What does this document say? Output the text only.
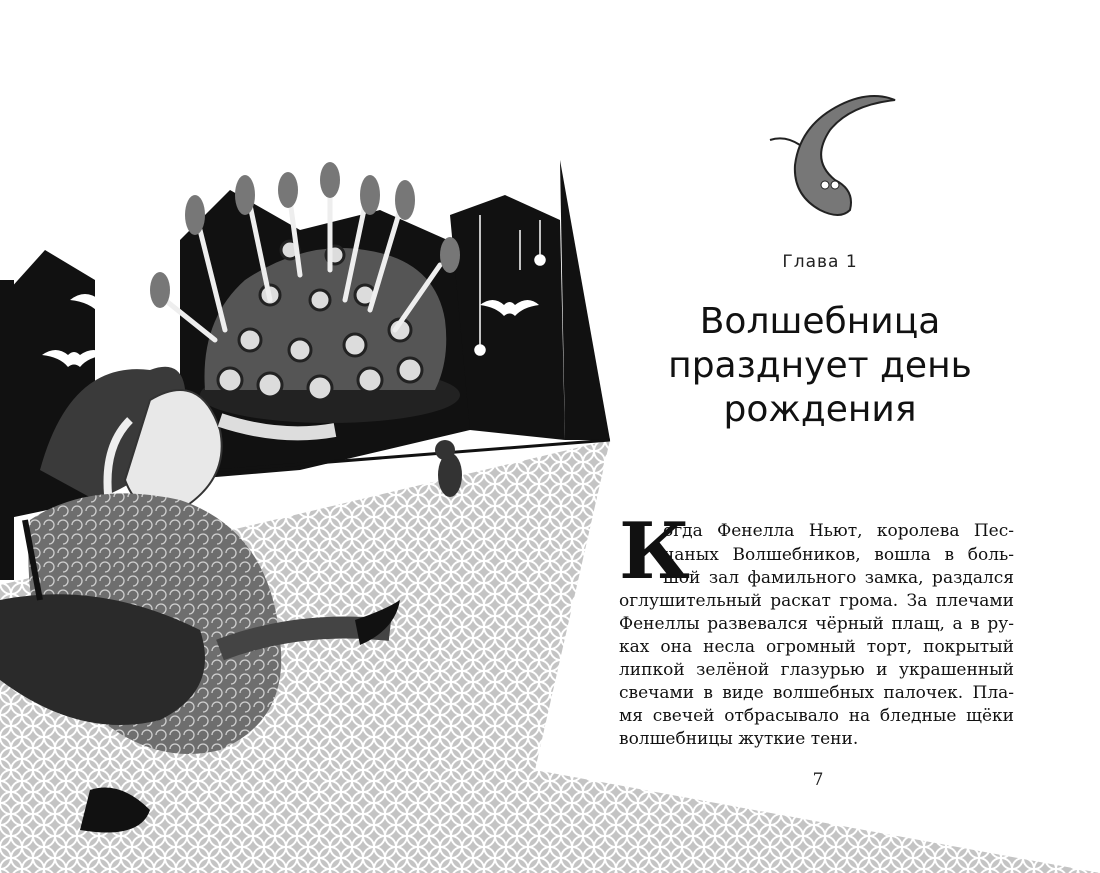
Глава 1
Волшебница
празднует день
рождения
К
огда Фенелла Ньют, королева Пес-
чаных Волшебников, вошла в боль-
шой зал фамильного замка, раздался
оглушительный раскат грома. За плечами
Фенеллы развевался чёрный плащ, а в ру-
ках она несла огромный торт, покрытый
липкой зелёной глазурью и украшенный
свечами в виде волшебных палочек. Пла-
мя свечей отбрасывало на бледные щёки
волшебницы жуткие тени.
7
